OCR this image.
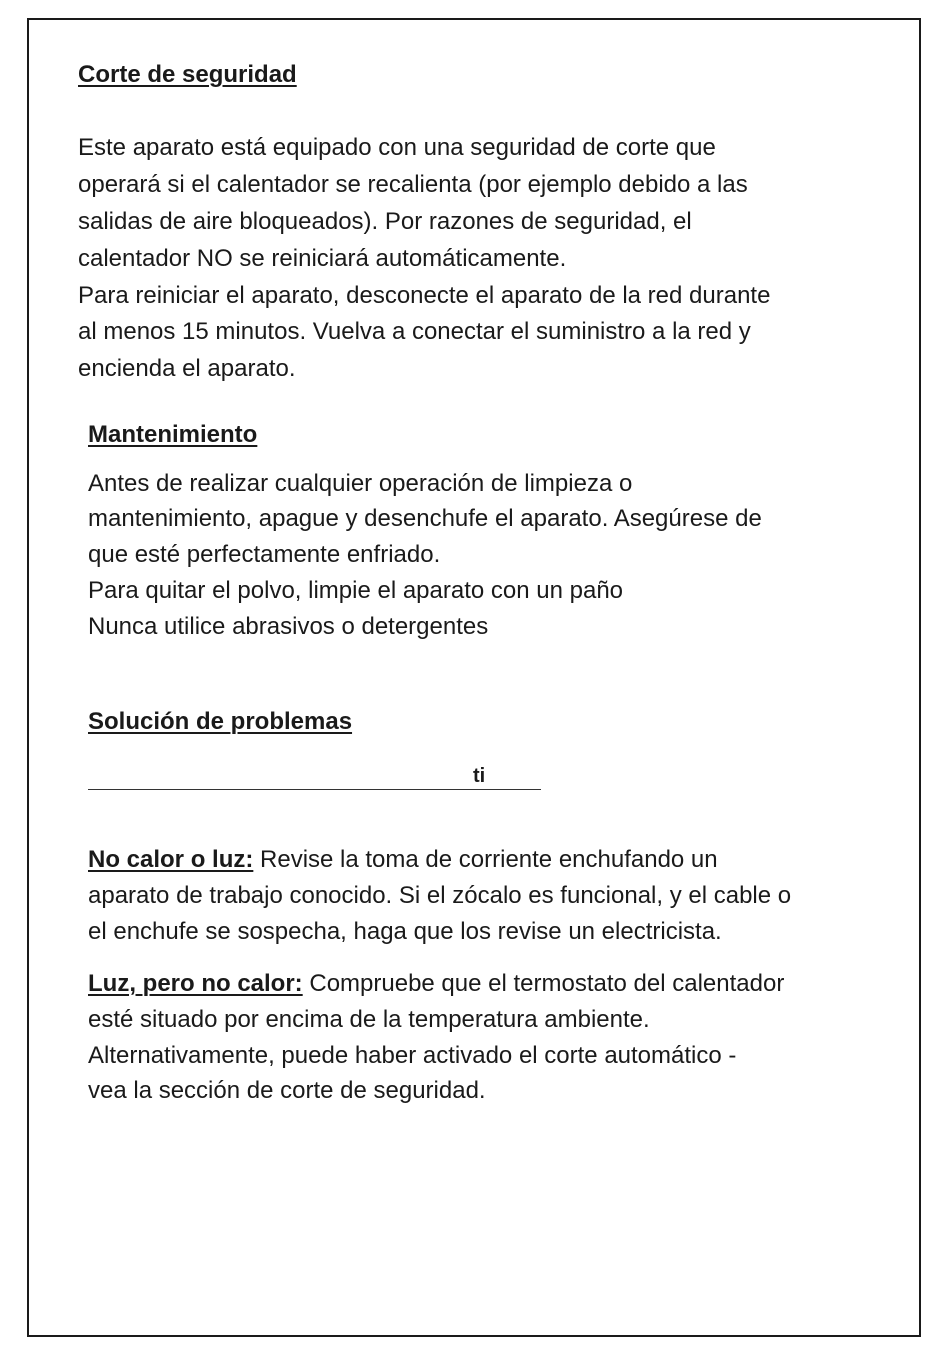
Corte de seguridad
Este aparato está equipado con una seguridad de corte que
operará si el calentador se recalienta (por ejemplo debido a las
salidas de aire bloqueados). Por razones de seguridad, el
calentador NO se reiniciará automáticamente.
Para reiniciar el aparato, desconecte el aparato de la red durante
al menos 15 minutos. Vuelva a conectar el suministro a la red y
encienda el aparato.
Mantenimiento
Antes de realizar cualquier operación de limpieza o
mantenimiento, apague y desenchufe el aparato. Asegúrese de
que esté perfectamente enfriado.
Para quitar el polvo, limpie el aparato con un paño
Nunca utilice abrasivos o detergentes
Solución de problemas
ti
No calor o luz: Revise la toma de corriente enchufando un
aparato de trabajo conocido. Si el zócalo es funcional, y el cable o
el enchufe se sospecha, haga que los revise un electricista.
Luz, pero no calor: Compruebe que el termostato del calentador
esté situado por encima de la temperatura ambiente.
Alternativamente, puede haber activado el corte automático -
vea la sección de corte de seguridad.
